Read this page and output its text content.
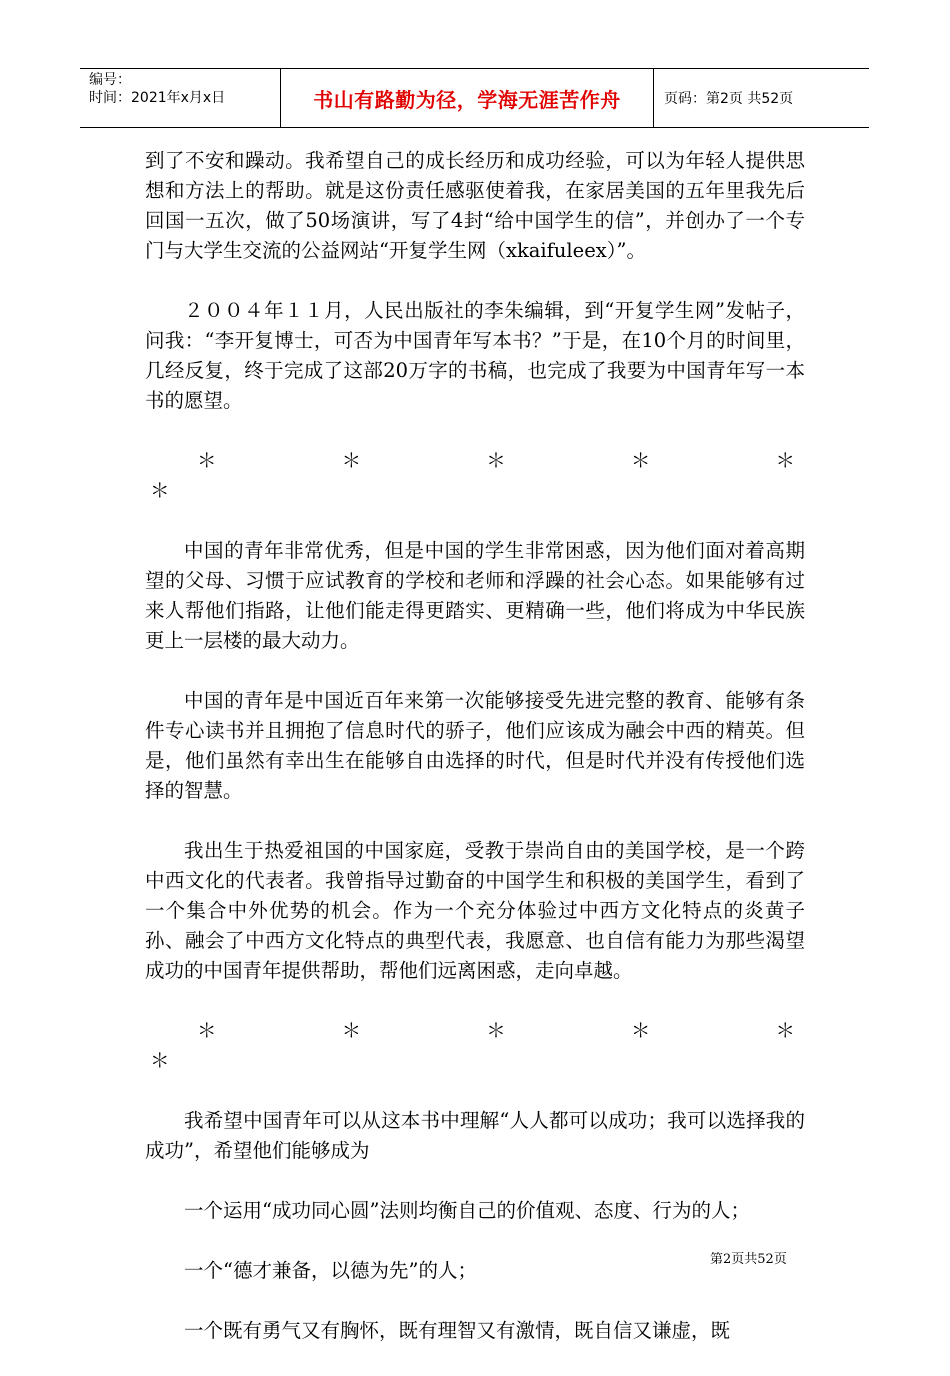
编号：
时间：2021年x月x日	书山有路勤为径，学海无涯苦作舟	页码：第2页 共52页

到了不安和躁动。我希望自己的成长经历和成功经验，可以为年轻人提供思想和方法上的帮助。就是这份责任感驱使着我，在家居美国的五年里我先后回国一五次，做了50场演讲，写了4封“给中国学生的信”，并创办了一个专门与大学生交流的公益网站“开复学生网（xkaifuleex）”。

２００４年１１月，人民出版社的李朱编辑，到“开复学生网”发帖子，问我：“李开复博士，可否为中国青年写本书？”于是，在10个月的时间里，几经反复，终于完成了这部20万字的书稿，也完成了我要为中国青年写一本书的愿望。

＊	＊	＊	＊	＊
＊

中国的青年非常优秀，但是中国的学生非常困惑，因为他们面对着高期望的父母、习惯于应试教育的学校和老师和浮躁的社会心态。如果能够有过来人帮他们指路，让他们能走得更踏实、更精确一些，他们将成为中华民族更上一层楼的最大动力。

中国的青年是中国近百年来第一次能够接受先进完整的教育、能够有条件专心读书并且拥抱了信息时代的骄子，他们应该成为融会中西的精英。但是，他们虽然有幸出生在能够自由选择的时代，但是时代并没有传授他们选择的智慧。

我出生于热爱祖国的中国家庭，受教于崇尚自由的美国学校，是一个跨中西文化的代表者。我曾指导过勤奋的中国学生和积极的美国学生，看到了一个集合中外优势的机会。作为一个充分体验过中西方文化特点的炎黄子孙、融会了中西方文化特点的典型代表，我愿意、也自信有能力为那些渴望成功的中国青年提供帮助，帮他们远离困惑，走向卓越。

＊	＊	＊	＊	＊
＊

我希望中国青年可以从这本书中理解“人人都可以成功；我可以选择我的成功”，希望他们能够成为

一个运用“成功同心圆”法则均衡自己的价值观、态度、行为的人；

一个“德才兼备，以德为先”的人；

一个既有勇气又有胸怀，既有理智又有激情，既自信又谦虚，既

第2页共52页
